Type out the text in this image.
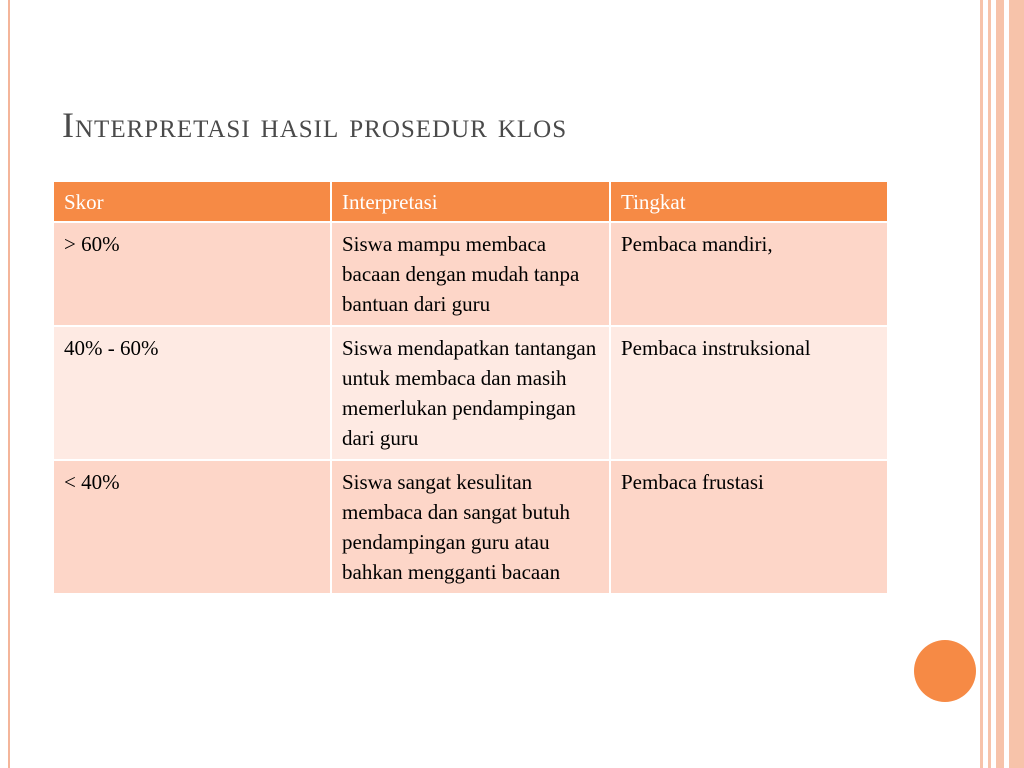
Interpretasi hasil prosedur klos
Skor	Interpretasi	Tingkat
> 60%	Siswa mampu membaca bacaan dengan mudah tanpa bantuan dari guru	Pembaca mandiri,
40% - 60%	Siswa mendapatkan tantangan untuk membaca dan masih memerlukan pendampingan dari guru	Pembaca instruksional
< 40%	Siswa sangat kesulitan membaca dan sangat butuh pendampingan guru atau bahkan mengganti bacaan	Pembaca frustasi
